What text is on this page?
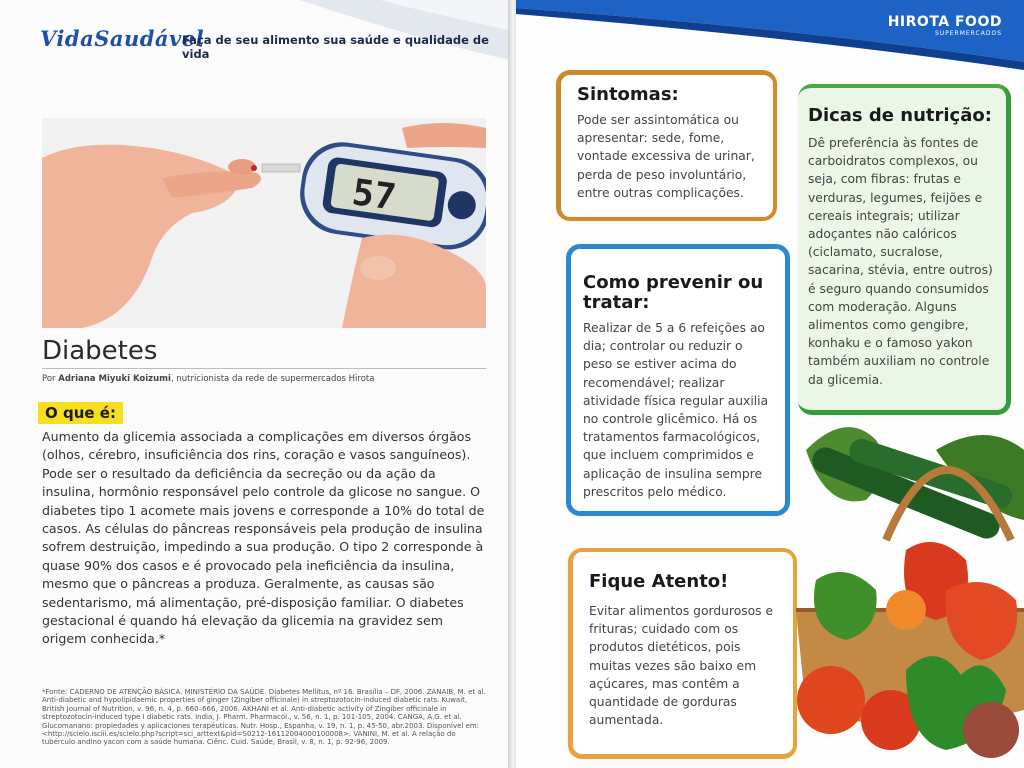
VidaSaudável
Faça de seu alimento sua saúde e qualidade de vida
57
Diabetes
Por Adriana Miyuki Koizumi, nutricionista da rede de supermercados Hirota
O que é:
Aumento da glicemia associada a complicações em diversos órgãos (olhos, cérebro, insuficiência dos rins, coração e vasos sanguíneos). Pode ser o resultado da deficiência da secreção ou da ação da insulina, hormônio responsável pelo controle da glicose no sangue. O diabetes tipo 1 acomete mais jovens e corresponde a 10% do total de casos. As células do pâncreas responsáveis pela produção de insulina sofrem destruição, impedindo a sua produção. O tipo 2 corresponde à quase 90% dos casos e é provocado pela ineficiência da insulina, mesmo que o pâncreas a produza. Geralmente, as causas são sedentarismo, má alimentação, pré-disposição familiar. O diabetes gestacional é quando há elevação da glicemia na gravidez sem origem conhecida.*
*Fonte: CADERNO DE ATENÇÃO BÁSICA. MINISTÉRIO DA SAÚDE. Diabetes Mellitus, nº 16. Brasília – DF, 2006. ZANAIB, M. et al. Anti-diabetic and hypolipidaemic properties of ginger (Zingiber officinale) in streptozotocin-induced diabetic rats. Kuwait, British Journal of Nutrition, v. 96, n. 4, p. 660–666, 2006. AKHANI et al. Anti-diabetic activity of Zingiber officinale in streptozotocin-induced type I diabetic rats. India, J. Pharm. Pharmacol., v. 56, n. 1, p. 101-105, 2004. CANGA, A.G. et al. Glucomanano: propiedades y aplicaciones terapéuticas. Nutr. Hosp., Espanha, v. 19, n. 1, p. 45-50, abr.2003. Disponível em: <http://scielo.isciii.es/scielo.php?script=sci_arttext&pid=S0212-16112004000100008>. VANINI, M. et al. A relação do tubérculo andino yacon com a saúde humana. Ciênc. Cuid. Saúde, Brasil, v. 8, n. 1, p. 92-96, 2009.
HIROTA FOOD
SUPERMERCADOS
Sintomas:

Pode ser assintomática ou apresentar: sede, fome, vontade excessiva de urinar, perda de peso involuntário, entre outras complicações.

Dicas de nutrição:

Dê preferência às fontes de carboidratos complexos, ou seja, com fibras: frutas e verduras, legumes, feijões e cereais integrais; utilizar adoçantes não calóricos (ciclamato, sucralose, sacarina, stévia, entre outros) é seguro quando consumidos com moderação. Alguns alimentos como gengibre, konhaku e o famoso yakon também auxiliam no controle da glicemia.

Como prevenir ou tratar:

Realizar de 5 a 6 refeições ao dia; controlar ou reduzir o peso se estiver acima do recomendável; realizar atividade física regular auxilia no controle glicêmico. Há os tratamentos farmacológicos, que incluem comprimidos e aplicação de insulina sempre prescritos pelo médico.

Fique Atento!

Evitar alimentos gordurosos e frituras; cuidado com os produtos dietéticos, pois muitas vezes são baixo em açúcares, mas contêm a quantidade de gorduras aumentada.
